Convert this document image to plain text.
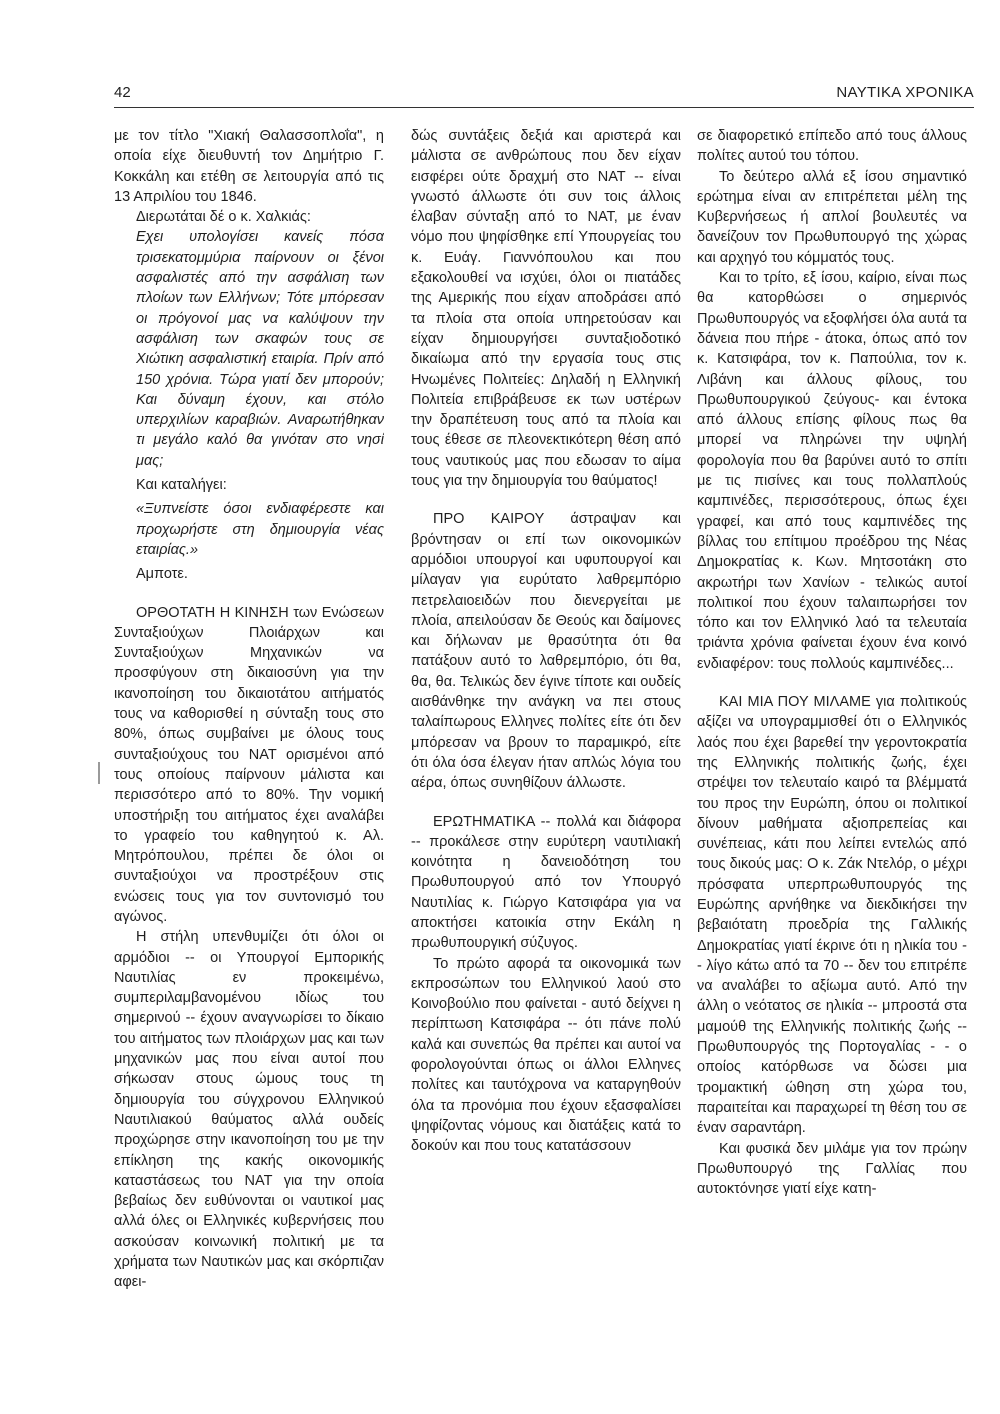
42	ΝΑΥΤΙΚΑ ΧΡΟΝΙΚΑ

με τον τίτλο "Χιακή Θαλασσοπλοΐα", η οποία είχε διευθυντή τον Δημήτριο Γ. Κοκκάλη και ετέθη σε λειτουργία από τις 13 Απριλίου του 1846.

Διερωτάται δέ ο κ. Χαλκιάς:

Εχει υπολογίσει κανείς πόσα τρισεκατομμύρια παίρνουν οι ξένοι ασφαλιστές από την ασφάλιση των πλοίων των Ελλήνων; Τότε μπόρεσαν οι πρόγονοί μας να καλύψουν την ασφάλιση των σκαφών τους σε Χιώτικη ασφαλιστική εταιρία. Πρίν από 150 χρόνια. Τώρα γιατί δεν μπορούν; Και δύναμη έχουν, και στόλο υπερχιλίων καραβιών. Αναρωτήθηκαν τι μεγάλο καλό θα γινόταν στο νησί μας;

Και καταλήγει:

«Ξυπνείστε όσοι ενδιαφέρεστε και προχωρήστε στη δημιουργία νέας εταιρίας.»

Αμποτε.

ΟΡΘΟΤΑΤΗ Η ΚΙΝΗΣΗ των Ενώσεων Συνταξιούχων Πλοιάρχων και Συνταξιούχων Μηχανικών να προσφύγουν στη δικαιοσύνη για την ικανοποίηση του δικαιοτάτου αιτήματός τους να καθορισθεί η σύνταξη τους στο 80%, όπως συμβαίνει με όλους τους συνταξιούχους του ΝΑΤ ορισμένοι από τους οποίους παίρνουν μάλιστα και περισσότερο από το 80%. Την νομική υποστήριξη του αιτήματος έχει αναλάβει το γραφείο του καθηγητού κ. Αλ. Μητρόπουλου, πρέπει δε όλοι οι συνταξιούχοι να προστρέξουν στις ενώσεις τους για τον συντονισμό του αγώνος.

Η στήλη υπενθυμίζει ότι όλοι οι αρμόδιοι -- οι Υπουργοί Εμπορικής Ναυτιλίας εν προκειμένω, συμπεριλαμβανομένου ιδίως του σημερινού -- έχουν αναγνωρίσει το δίκαιο του αιτήματος των πλοιάρχων μας και των μηχανικών μας που είναι αυτοί που σήκωσαν στους ώμους τους τη δημιουργία του σύγχρονου Ελληνικού Ναυτιλιακού θαύματος αλλά ουδείς προχώρησε στην ικανοποίηση του με την επίκληση της κακής οικονομικής καταστάσεως του ΝΑΤ για την οποία βεβαίως δεν ευθύνονται οι ναυτικοί μας αλλά όλες οι Ελληνικές κυβερνήσεις που ασκούσαν κοινωνική πολιτική με τα χρήματα των Ναυτικών μας και σκόρπιζαν αφει-

δώς συντάξεις δεξιά και αριστερά και μάλιστα σε ανθρώπους που δεν είχαν εισφέρει ούτε δραχμή στο ΝΑΤ -- είναι γνωστό άλλωστε ότι συν τοις άλλοις έλαβαν σύνταξη από το ΝΑΤ, με έναν νόμο που ψηφίσθηκε επί Υπουργείας του κ. Ευάγ. Γιαννόπουλου και που εξακολουθεί να ισχύει, όλοι οι πιατάδες της Αμερικής που είχαν αποδράσει από τα πλοία στα οποία υπηρετούσαν και είχαν δημιουργήσει συνταξιοδοτικό δικαίωμα από την εργασία τους στις Ηνωμένες Πολιτείες: Δηλαδή η Ελληνική Πολιτεία επιβράβευσε εκ των υστέρων την δραπέτευση τους από τα πλοία και τους έθεσε σε πλεονεκτικότερη θέση από τους ναυτικούς μας που εδωσαν το αίμα τους για την δημιουργία του θαύματος!

ΠΡΟ ΚΑΙΡΟΥ άστραψαν και βρόντησαν οι επί των οικονομικών αρμόδιοι υπουργοί και υφυπουργοί και μίλαγαν για ευρύτατο λαθρεμπόριο πετρελαιοειδών που διενεργείται με πλοία, απειλούσαν δε Θεούς και δαίμονες και δήλωναν με θρασύτητα ότι θα πατάξουν αυτό το λαθρεμπόριο, ότι θα, θα, θα. Τελικώς δεν έγινε τίποτε και ουδείς αισθάνθηκε την ανάγκη να πει στους ταλαίπωρους Ελληνες πολίτες είτε ότι δεν μπόρεσαν να βρουν το παραμικρό, είτε ότι όλα όσα έλεγαν ήταν απλώς λόγια του αέρα, όπως συνηθίζουν άλλωστε.

ΕΡΩΤΗΜΑΤΙΚΑ -- πολλά και διάφορα -- προκάλεσε στην ευρύτερη ναυτιλιακή κοινότητα η δανειοδότηση του Πρωθυπουργού από τον Υπουργό Ναυτιλίας κ. Γιώργο Κατσιφάρα για να αποκτήσει κατοικία στην Εκάλη η πρωθυπουργική σύζυγος.

Το πρώτο αφορά τα οικονομικά των εκπροσώπων του Ελληνικού λαού στο Κοινοβούλιο που φαίνεται - αυτό δείχνει η περίπτωση Κατσιφάρα -- ότι πάνε πολύ καλά και συνεπώς θα πρέπει και αυτοί να φορολογούνται όπως οι άλλοι Ελληνες πολίτες και ταυτόχρονα να καταργηθούν όλα τα προνόμια που έχουν εξασφαλίσει ψηφίζοντας νόμους και διατάξεις κατά το δοκούν και που τους κατατάσσουν

σε διαφορετικό επίπεδο από τους άλλους πολίτες αυτού του τόπου.

Το δεύτερο αλλά εξ ίσου σημαντικό ερώτημα είναι αν επιτρέπεται μέλη της Κυβερνήσεως ή απλοί βουλευτές να δανείζουν τον Πρωθυπουργό της χώρας και αρχηγό του κόμματός τους.

Και το τρίτο, εξ ίσου, καίριο, είναι πως θα κατορθώσει ο σημερινός Πρωθυπουργός να εξοφλήσει όλα αυτά τα δάνεια που πήρε - άτοκα, όπως από τον κ. Κατσιφάρα, τον κ. Παπούλια, τον κ. Λιβάνη και άλλους φίλους, του Πρωθυπουργικού ζεύγους- και έντοκα από άλλους επίσης φίλους πως θα μπορεί να πληρώνει την υψηλή φορολογία που θα βαρύνει αυτό το σπίτι με τις πισίνες και τους πολλαπλούς καμπινέδες, περισσότερους, όπως έχει γραφεί, και από τους καμπινέδες της βίλλας του επίτιμου προέδρου της Νέας Δημοκρατίας κ. Κων. Μητσοτάκη στο ακρωτήρι των Χανίων - τελικώς αυτοί πολιτικοί που έχουν ταλαιπωρήσει τον τόπο και τον Ελληνικό λαό τα τελευταία τριάντα χρόνια φαίνεται έχουν ένα κοινό ενδιαφέρον: τους πολλούς καμπινέδες...

ΚΑΙ ΜΙΑ ΠΟΥ ΜΙΛΑΜΕ για πολιτικούς αξίζει να υπογραμμισθεί ότι ο Ελληνικός λαός που έχει βαρεθεί την γεροντοκρατία της Ελληνικής πολιτικής ζωής, έχει στρέψει τον τελευταίο καιρό τα βλέμματά του προς την Ευρώπη, όπου οι πολιτικοί δίνουν μαθήματα αξιοπρεπείας και συνέπειας, κάτι που λείπει εντελώς από τους δικούς μας: Ο κ. Ζάκ Ντελόρ, ο μέχρι πρόσφατα υπερπρωθυπουργός της Ευρώπης αρνήθηκε να διεκδικήσει την βεβαιότατη προεδρία της Γαλλικής Δημοκρατίας γιατί έκρινε ότι η ηλικία του -- λίγο κάτω από τα 70 -- δεν του επιτρέπε να αναλάβει το αξίωμα αυτό. Από την άλλη ο νεότατος σε ηλικία -- μπροστά στα μαμούθ της Ελληνικής πολιτικής ζωής -- Πρωθυπουργός της Πορτογαλίας - - ο οποίος κατόρθωσε να δώσει μια τρομακτική ώθηση στη χώρα του, παραιτείται και παραχωρεί τη θέση του σε έναν σαραντάρη.

Και φυσικά δεν μιλάμε για τον πρώην Πρωθυπουργό της Γαλλίας που αυτοκτόνησε γιατί είχε κατη-
